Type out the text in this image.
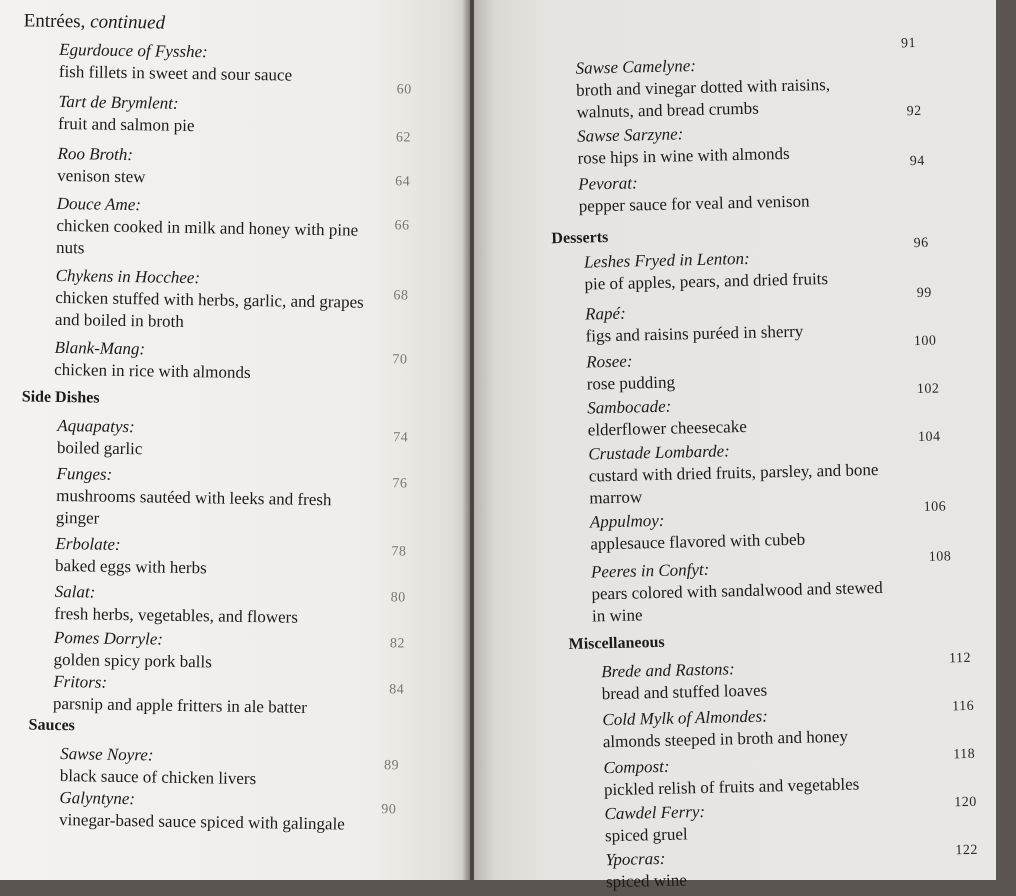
Entrées, continued
Egurdouce of Fysshe:
fish fillets in sweet and sour sauce
60
Tart de Brymlent:
fruit and salmon pie
62
Roo Broth:
venison stew	64
Douce Ame:
chicken cooked in milk and honey with pine nuts
66
Chykens in Hocchee:
chicken stuffed with herbs, garlic, and grapes and boiled in broth
68
Blank-Mang:
chicken in rice with almonds
70
Side Dishes
Aquapatys:
boiled garlic
74
Funges:
mushrooms sautéed with leeks and fresh ginger
76
Erbolate:
baked eggs with herbs
78
Salat:
fresh herbs, vegetables, and flowers
80
Pomes Dorryle:
golden spicy pork balls
82
Fritors:
parsnip and apple fritters in ale batter
84
Sauces
Sawse Noyre:
black sauce of chicken livers
89
Galyntyne:
vinegar-based sauce spiced with galingale
90
Sawse Camelyne:
broth and vinegar dotted with raisins, walnuts, and bread crumbs
91
Sawse Sarzyne:
rose hips in wine with almonds
92
Pevorat:
pepper sauce for veal and venison
94
Desserts
Leshes Fryed in Lenton:
pie of apples, pears, and dried fruits
96
Rapé:
figs and raisins puréed in sherry
99
Rosee:
rose pudding
100
Sambocade:
elderflower cheesecake
102
Crustade Lombarde:
custard with dried fruits, parsley, and bone marrow
104
Appulmoy:
applesauce flavored with cubeb
106
Peeres in Confyt:
pears colored with sandalwood and stewed in wine
108
Miscellaneous
Brede and Rastons:
bread and stuffed loaves
112
Cold Mylk of Almondes:
almonds steeped in broth and honey
116
Compost:
pickled relish of fruits and vegetables
118
Cawdel Ferry:
spiced gruel
120
Ypocras:
spiced wine
122
